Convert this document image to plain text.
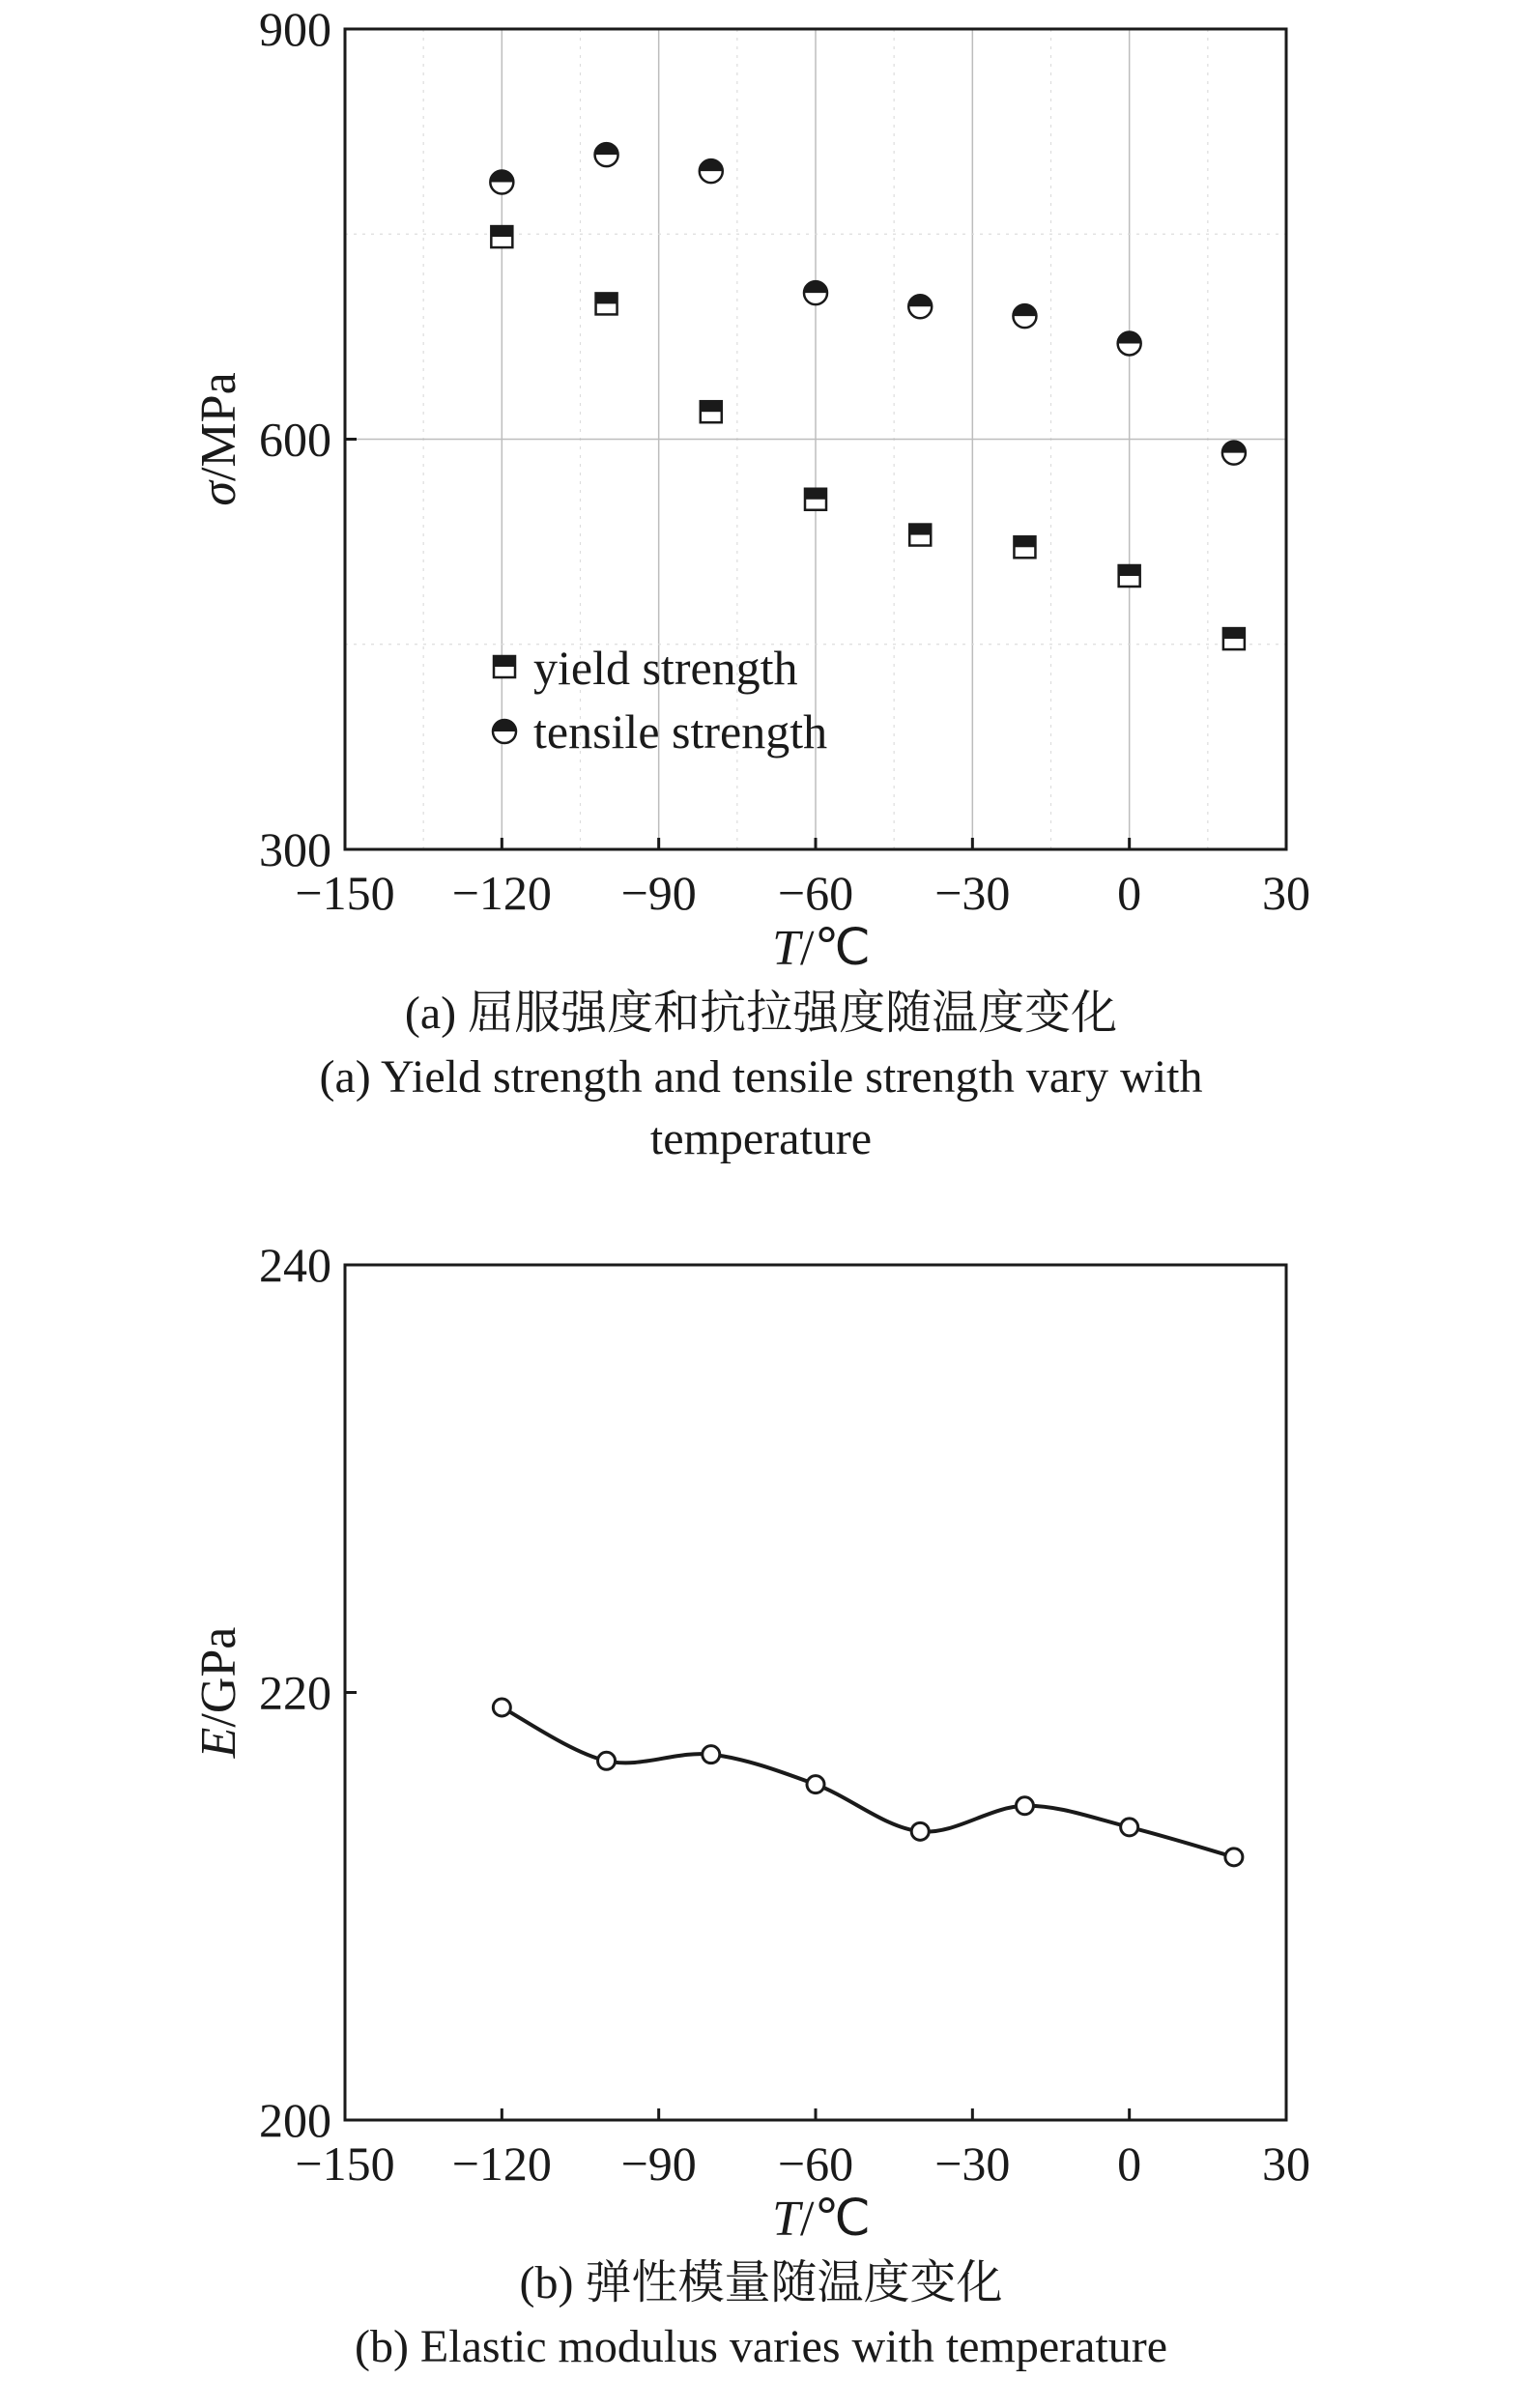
−150 −120 −90 −60 −30 0 30
300
600
900
σ/MPa
T/℃
yield strength
tensile strength
(a) 屈服强度和抗拉强度随温度变化
(a) Yield strength and tensile strength vary with
temperature
−150 −120 −90 −60 −30 0 30
200
220
240
E/GPa
T/℃
(b) 弹性模量随温度变化
(b) Elastic modulus varies with temperature
